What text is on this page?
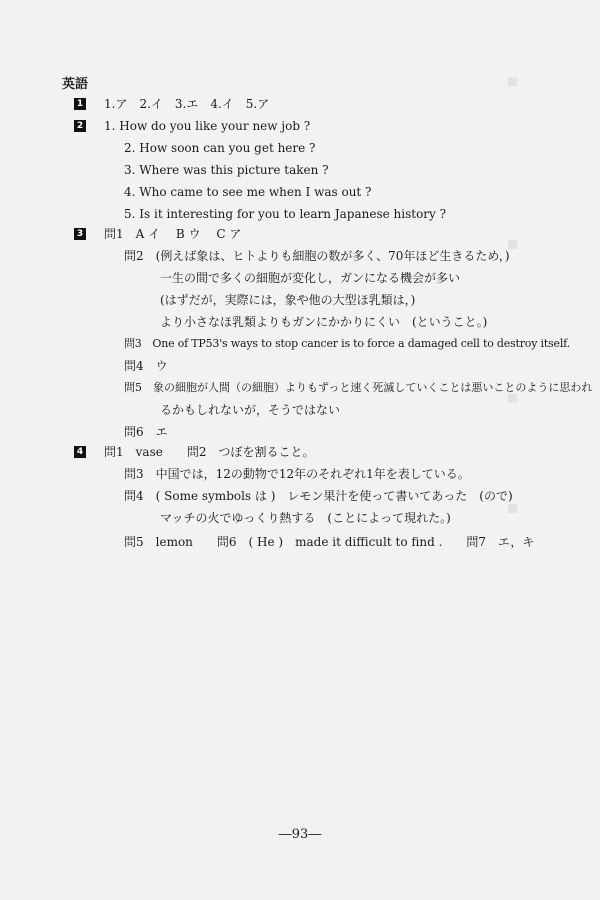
英語
1 1.ア　2.イ　3.エ　4.イ　5.ア
2 1. How do you like your new job ?
2. How soon can you get here ?
3. Where was this picture taken ?
4. Who came to see me when I was out ?
5. Is it interesting for you to learn Japanese history ?
3 問1　A イ　 B ウ　 C ア
問2　(例えば象は、ヒトよりも細胞の数が多く、70年ほど生きるため，)
一生の間で多くの細胞が変化し，ガンになる機会が多い
(はずだが，実際には，象や他の大型ほ乳類は，)
より小さなほ乳類よりもガンにかかりにくい　(ということ。)
問3　One of TP53's ways to stop cancer is to force a damaged cell to destroy itself.
問4　ウ
問5　象の細胞が人間（の細胞）よりもずっと速く死滅していくことは悪いことのように思われ
るかもしれないが，そうではない
問6　エ
4 問1　vase　　問2　つぼを割ること。
問3　中国では，12の動物で12年のそれぞれ1年を表している。
問4　( Some symbols は )　レモン果汁を使って書いてあった　(ので)
マッチの火でゆっくり熱する　(ことによって現れた。)
問5　lemon　　問6　( He )　made it difficult to find .　　問7　エ，キ
―93―
